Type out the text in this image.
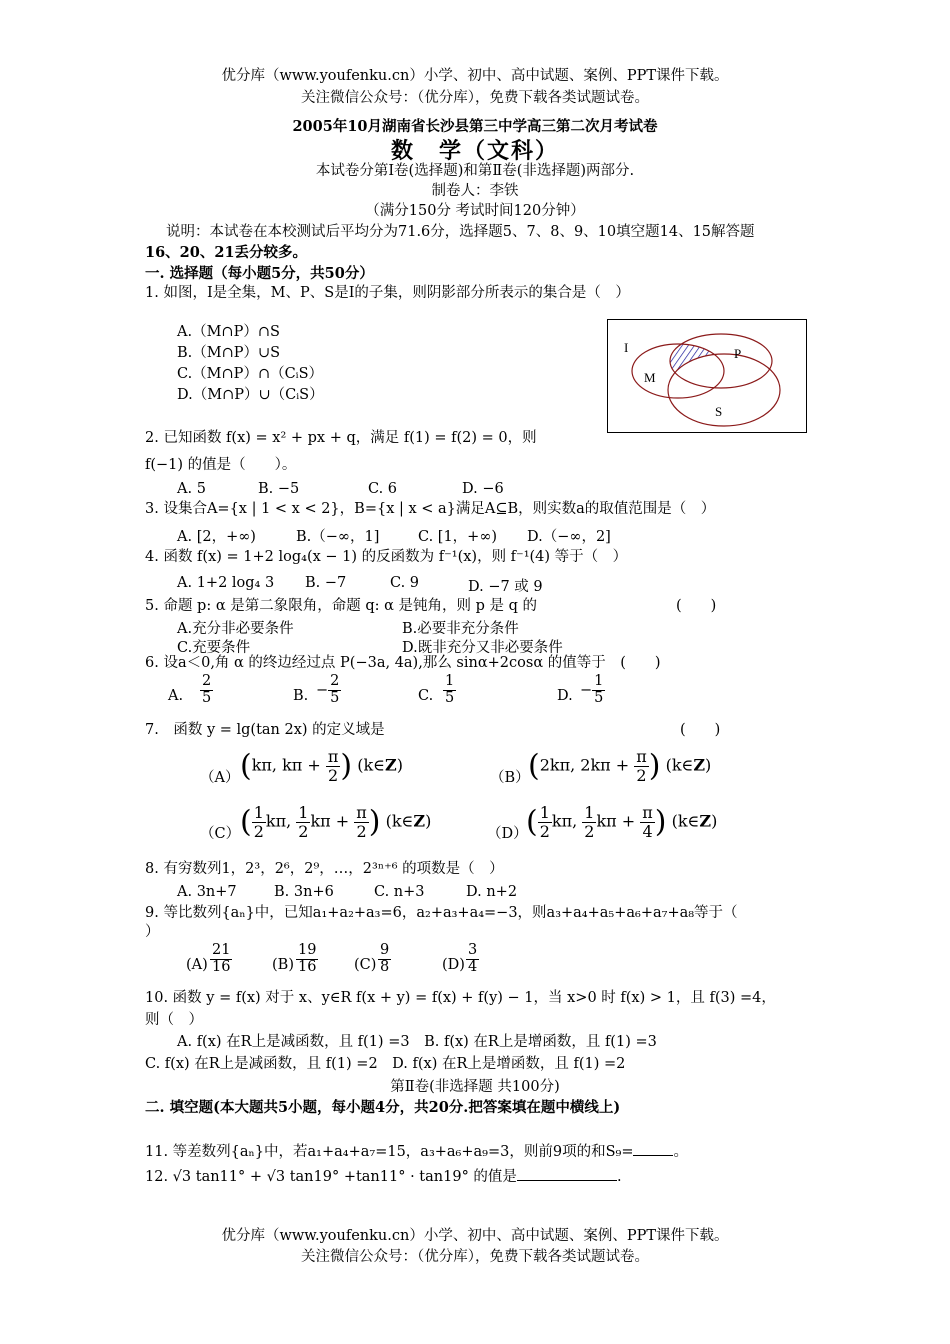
优分库（www.youfenku.cn）小学、初中、高中试题、案例、PPT课件下载。
关注微信公众号：（优分库），免费下载各类试题试卷。
2005年10月湖南省长沙县第三中学高三第二次月考试卷
数　学（文科）
本试卷分第Ⅰ卷(选择题)和第Ⅱ卷(非选择题)两部分.
制卷人：李铁
（满分150分 考试时间120分钟）
说明：本试卷在本校测试后平均分为71.6分，选择题5、7、8、9、10填空题14、15解答题
16、20、21丢分较多。
一. 选择题（每小题5分，共50分）
1. 如图，I是全集，M、P、S是I的子集，则阴影部分所表示的集合是（　）
A.（M∩P）∩S
B.（M∩P）∪S
C.（M∩P）∩（CᵢS）
D.（M∩P）∪（CᵢS）
I
M
P
S
2. 已知函数 f(x) = x² + px + q，满足 f(1) = f(2) = 0，则
f(−1) 的值是（　　）。
A. 5	B. −5	C. 6	D. −6
3. 设集合A={x | 1 < x < 2}，B={x | x < a}满足A⊆B，则实数a的取值范围是（　）
A. [2，+∞)	B.（−∞，1]	C. [1，+∞) D.（−∞，2]
4. 函数 f(x) = 1+2 log₄(x − 1) 的反函数为 f⁻¹(x)，则 f⁻¹(4) 等于（　）
A. 1+2 log₄ 3 B. −7	C. 9	D. −7 或 9
5. 命题 p: α 是第二象限角，命题 q: α 是钝角，则 p 是 q 的	(　　)
A.充分非必要条件	B.必要非充分条件
C.充要条件	D.既非充分又非必要条件
6. 设a＜0,角 α 的终边经过点 P(−3a, 4a),那么 sinα+2cosα 的值等于　(　　)
A. $\frac{2}{5}$	B. − $\frac{2}{5}$	C. $\frac{1}{5}$	D. − $\frac{1}{5}$
7.　函数 y = lg(tan 2x) 的定义域是	(　　)
（A） (kπ, $k\pi + \frac{\pi}{2}$ ) (k∈Z)
（B）
(2kπ, $2k\pi + \frac{\pi}{2}$ ) (k∈Z)
（C） ( $\frac{1}{2} k\pi$, $\frac{1}{2}$ $k\pi + \frac{\pi}{2}$ ) (k∈Z)
（D）
( $\frac{1}{2} k\pi$, $\frac{1}{2}$ $k\pi + \frac{\pi}{4}$ ) (k∈Z)
8. 有穷数列1，2³，2⁶，2⁹，…，2³ⁿ⁺⁶ 的项数是（　）
A. 3n+7	B. 3n+6	C. n+3	D. n+2
9. 等比数列{aₙ}中，已知a₁+a₂+a₃=6，a₂+a₃+a₄=−3，则a₃+a₄+a₅+a₆+a₇+a₈等于（
）
$(A) \frac{21}{16}$	$(B) \frac{19}{16} (C) \frac{9}{8}$	$(D) \frac{3}{4}$
10. 函数 y = f(x) 对于 x、y∈R f(x + y) = f(x) + f(y) − 1，当 x>0 时 f(x) > 1，且 f(3) =4，
则（　）
A. f(x) 在R上是减函数，且 f(1) =3　B. f(x) 在R上是增函数，且 f(1) =3
C. f(x) 在R上是减函数，且 f(1) =2　D. f(x) 在R上是增函数，且 f(1) =2
第Ⅱ卷(非选择题 共100分)
二. 填空题(本大题共5小题，每小题4分，共20分.把答案填在题中横线上)
11. 等差数列{aₙ}中，若a₁+a₄+a₇=15，a₃+a₆+a₉=3，则前9项的和S₉=	。
12. √3 tan11° + √3 tan19° +tan11° · tan19° 的值是	.
优分库（www.youfenku.cn）小学、初中、高中试题、案例、PPT课件下载。
关注微信公众号：（优分库），免费下载各类试题试卷。
